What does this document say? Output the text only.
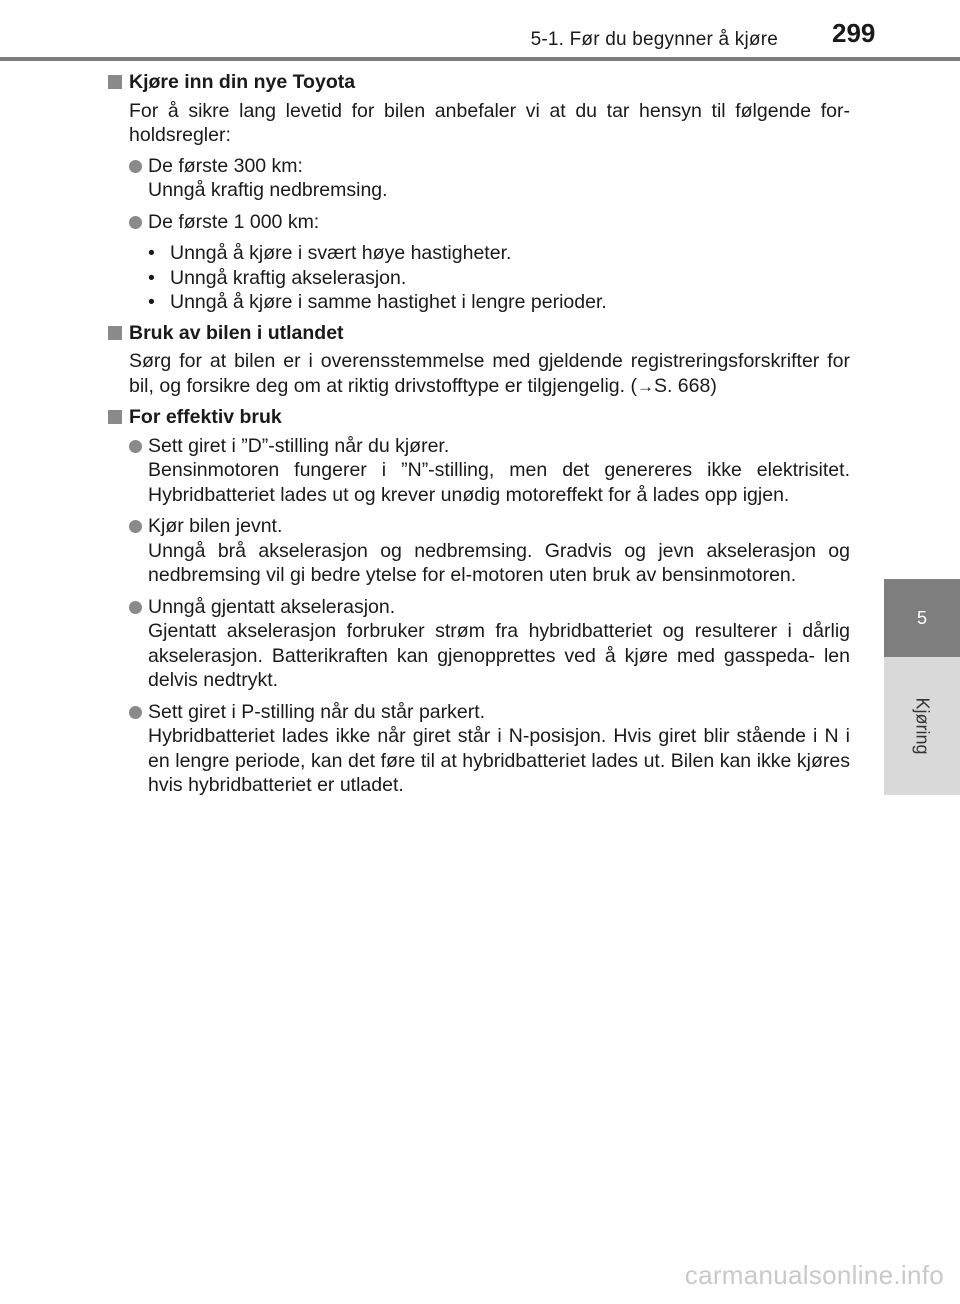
5-1. Før du begynner å kjøre 299
5
Kjøring
Kjøre inn din nye Toyota
For å sikre lang levetid for bilen anbefaler vi at du tar hensyn til følgende for- holdsregler:
De første 300 km:
Unngå kraftig nedbremsing.
De første 1 000 km:
• Unngå å kjøre i svært høye hastigheter.
• Unngå kraftig akselerasjon.
• Unngå å kjøre i samme hastighet i lengre perioder.
Bruk av bilen i utlandet
Sørg for at bilen er i overensstemmelse med gjeldende registreringsforskrifter for bil, og forsikre deg om at riktig drivstofftype er tilgjengelig. (→S. 668)
For effektiv bruk
Sett giret i ”D”-stilling når du kjører.
Bensinmotoren fungerer i ”N”-stilling, men det genereres ikke elektrisitet. Hybridbatteriet lades ut og krever unødig motoreffekt for å lades opp igjen.
Kjør bilen jevnt.
Unngå brå akselerasjon og nedbremsing. Gradvis og jevn akselerasjon og nedbremsing vil gi bedre ytelse for el-motoren uten bruk av bensinmotoren.
Unngå gjentatt akselerasjon.
Gjentatt akselerasjon forbruker strøm fra hybridbatteriet og resulterer i dårlig akselerasjon. Batterikraften kan gjenopprettes ved å kjøre med gasspeda- len delvis nedtrykt.
Sett giret i P-stilling når du står parkert.
Hybridbatteriet lades ikke når giret står i N-posisjon. Hvis giret blir stående i N i en lengre periode, kan det føre til at hybridbatteriet lades ut. Bilen kan ikke kjøres hvis hybridbatteriet er utladet.
carmanualsonline.info
